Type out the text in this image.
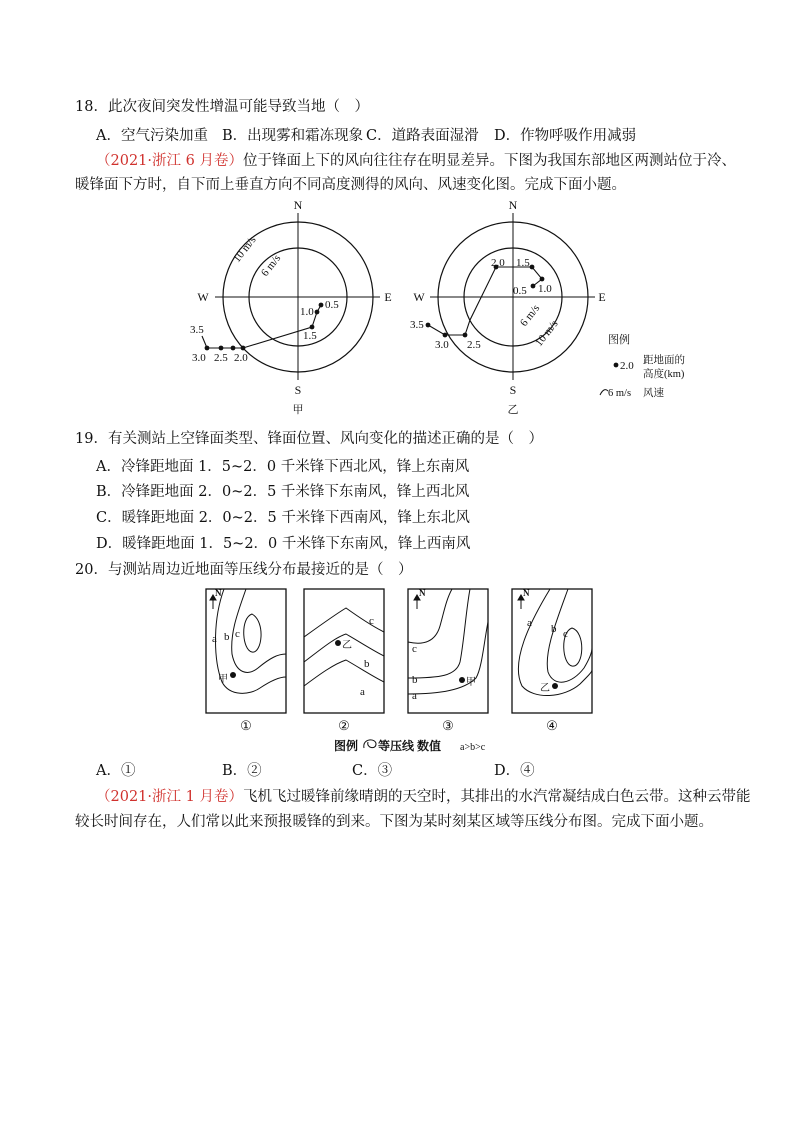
18．此次夜间突发性增温可能导致当地（　）
A．空气污染加重 B．出现雾和霜冻现象 C．道路表面湿滑 D．作物呼吸作用减弱
（2021·浙江 6 月卷）位于锋面上下的风向往往存在明显差异。下图为我国东部地区两测站位于冷、
暖锋面下方时，自下而上垂直方向不同高度测得的风向、风速变化图。完成下面小题。
N
S
W	E
10 m/s
6 m/s
0.5
1.0
1.5
2.0
2.5
3.0
3.5
甲
N
S
W	E
10 m/s
6 m/s
0.5 1.0
1.5
2.0
2.5
3.0
3.5
乙
图例
2.0 距地面的
高度(km)
6 m/s 风速
19．有关测站上空锋面类型、锋面位置、风向变化的描述正确的是（　）
A．冷锋距地面 1．5~2．0 千米锋下西北风，锋上东南风
B．冷锋距地面 2．0~2．5 千米锋下东南风，锋上西北风
C．暖锋距地面 2．0~2．5 千米锋下西南风，锋上东北风
D．暖锋距地面 1．5~2．0 千米锋下东南风，锋上西南风
20．与测站周边近地面等压线分布最接近的是（　）
N
a b c
甲
①
c
b
a
乙
②
N
c
b
a
甲
③
N
a b c
乙
④
图例 等压线 数值 a>b>c
A．①	B．②	C．③	D．④
（2021·浙江 1 月卷）飞机飞过暖锋前缘晴朗的天空时，其排出的水汽常凝结成白色云带。这种云带能
较长时间存在，人们常以此来预报暖锋的到来。下图为某时刻某区域等压线分布图。完成下面小题。
